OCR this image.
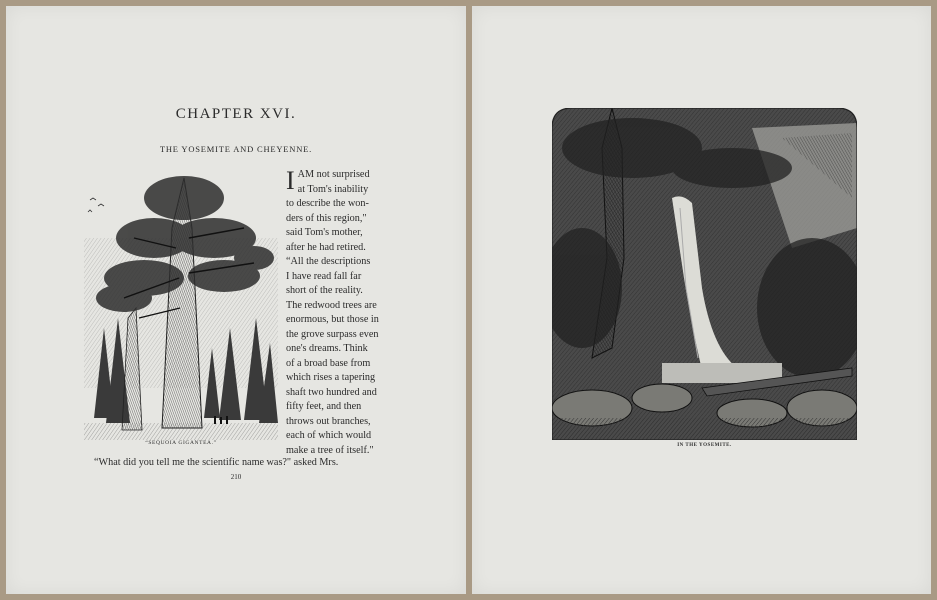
CHAPTER XVI.
THE YOSEMITE AND CHEYENNE.
“SEQUOIA GIGANTEA.”
I AM not surprised
at Tom's inability
to describe the won-
ders of this region,"
said Tom's mother,
after he had retired.
“All the descriptions
I have read fall far
short of the reality.
The redwood trees are
enormous, but those in
the grove surpass even
one's dreams. Think
of a broad base from
which rises a tapering
shaft two hundred and
fifty feet, and then
throws out branches,
each of which would
make a tree of itself."
“What did you tell me the scientific name was?" asked Mrs.
210
IN THE YOSEMITE.
